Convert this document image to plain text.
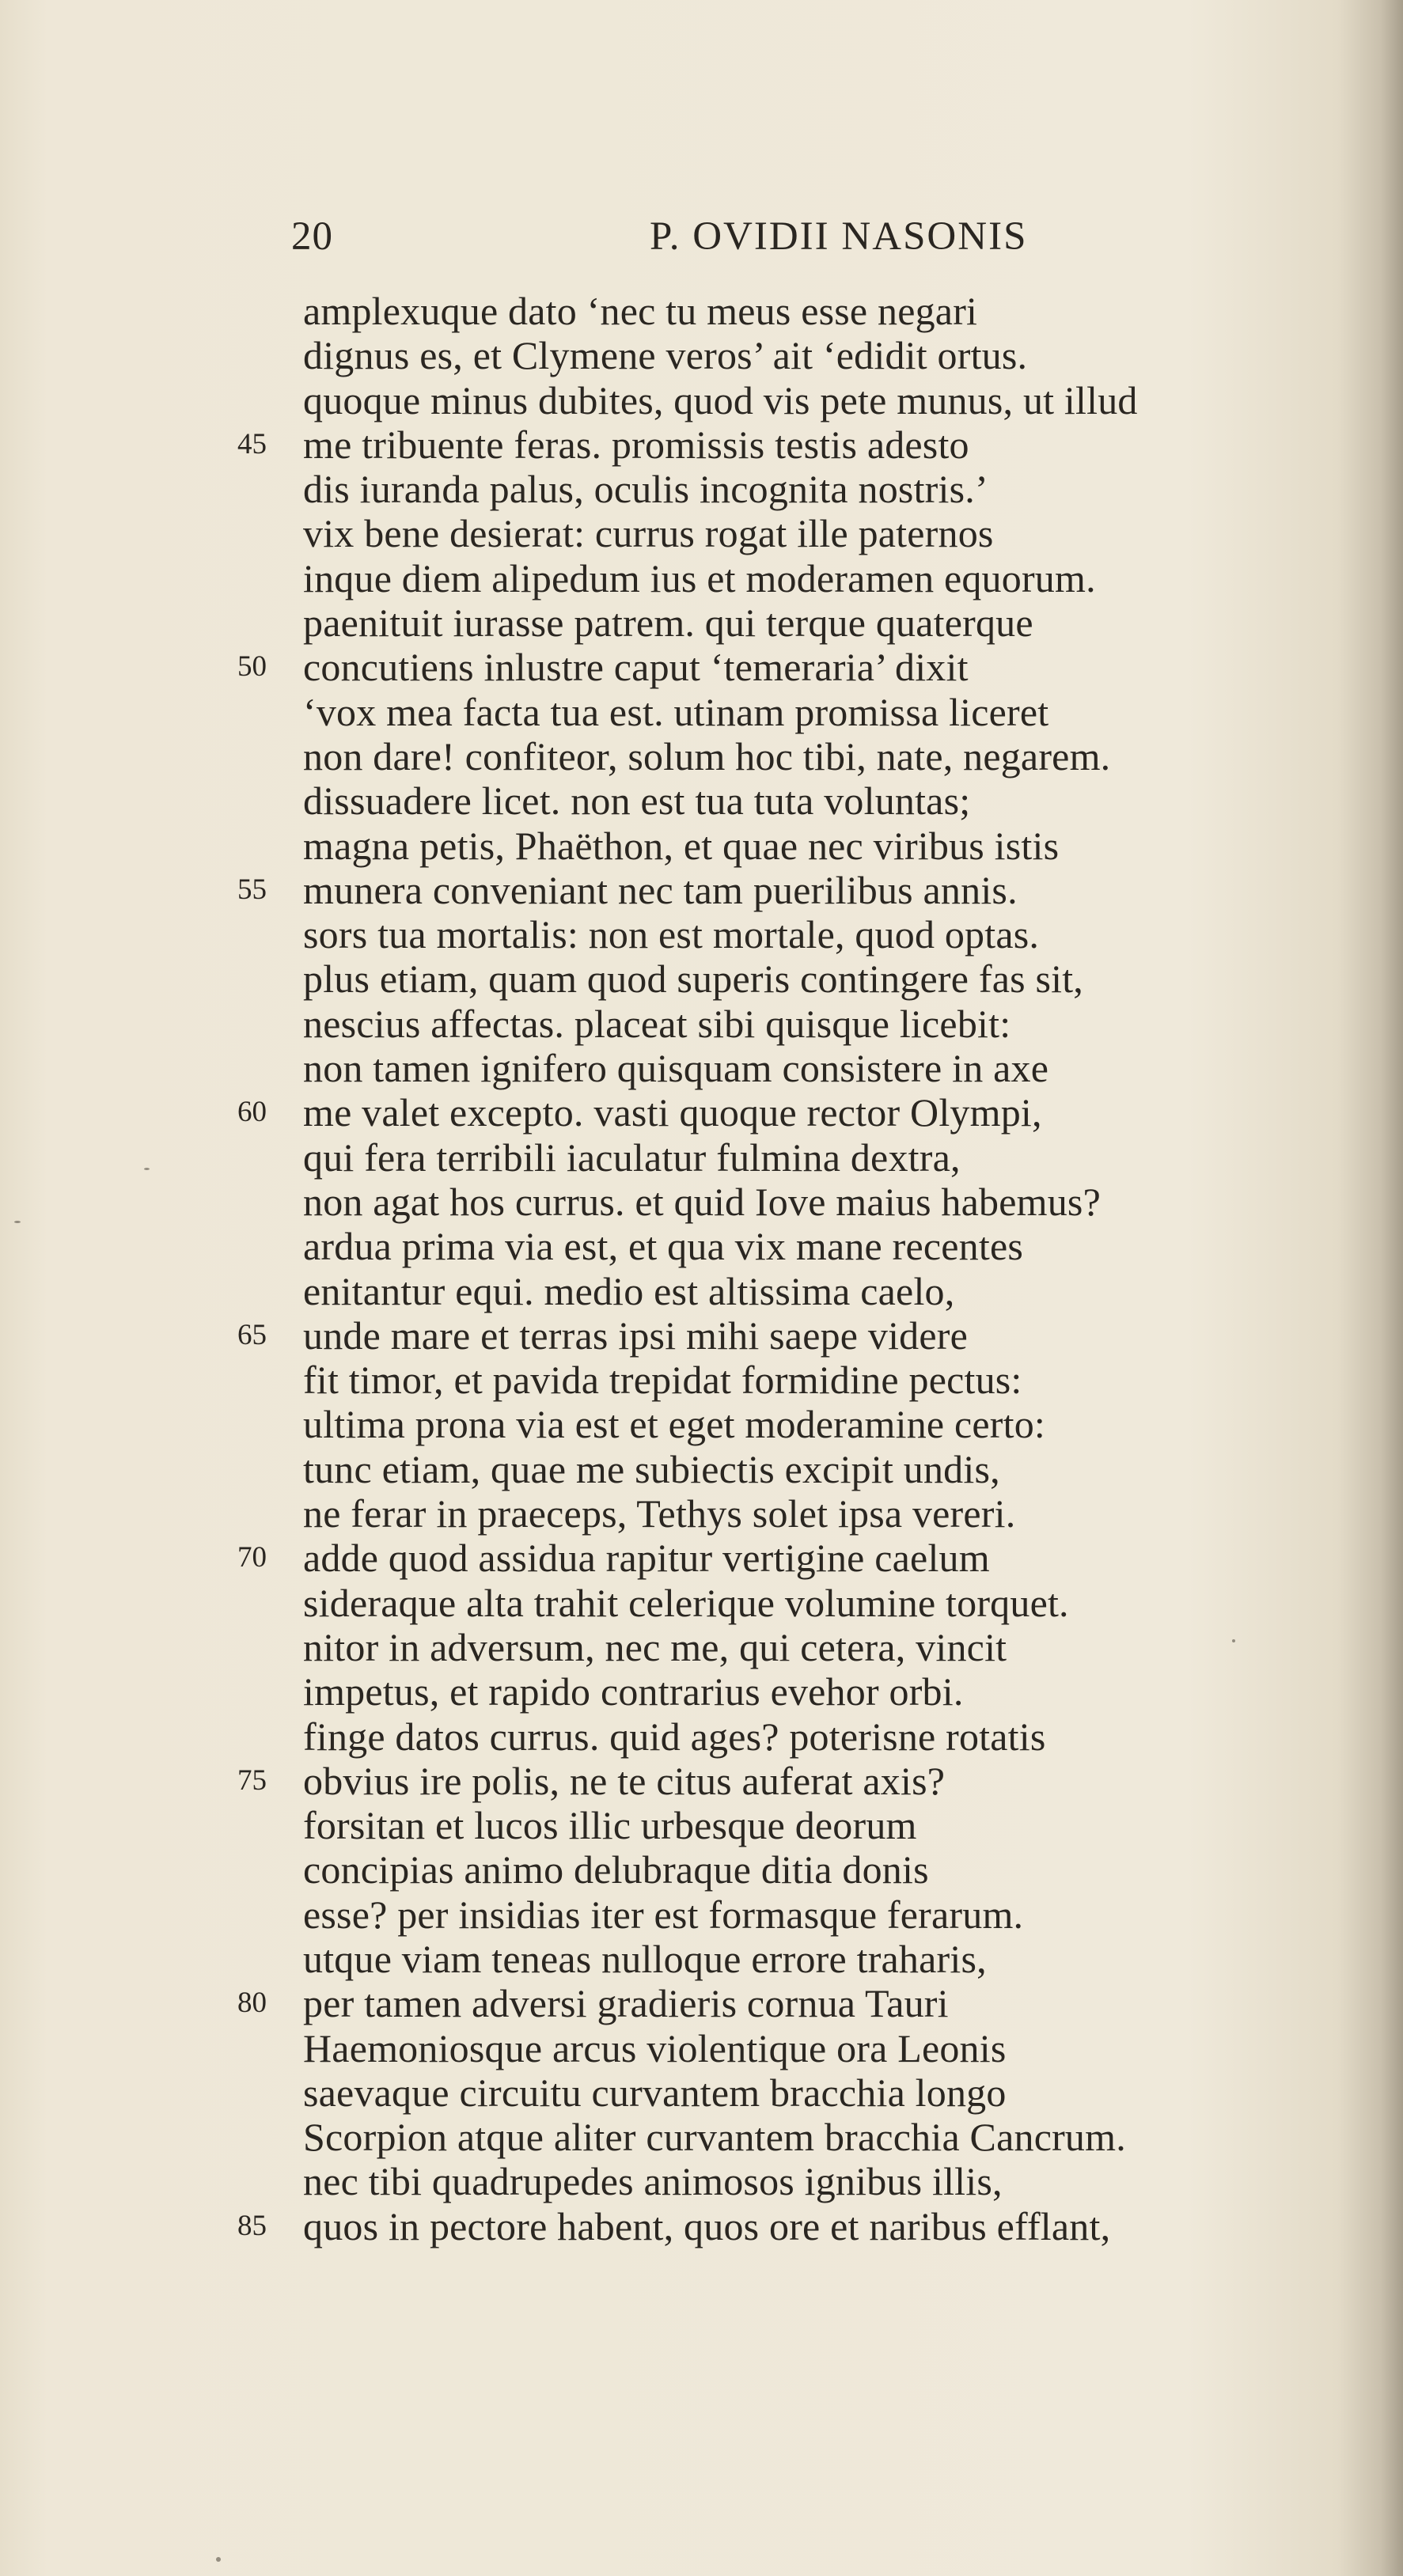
20	P. OVIDII NASONIS
amplexuque dato ‘nec tu meus esse negari
dignus es, et Clymene veros’ ait ‘edidit ortus.
quoque minus dubites, quod vis pete munus, ut illud
45 me tribuente feras. promissis testis adesto
dis iuranda palus, oculis incognita nostris.’
vix bene desierat: currus rogat ille paternos
inque diem alipedum ius et moderamen equorum.
paenituit iurasse patrem. qui terque quaterque
50 concutiens inlustre caput ‘temeraria’ dixit
‘vox mea facta tua est. utinam promissa liceret
non dare! confiteor, solum hoc tibi, nate, negarem.
dissuadere licet. non est tua tuta voluntas;
magna petis, Phaëthon, et quae nec viribus istis
55 munera conveniant nec tam puerilibus annis.
sors tua mortalis: non est mortale, quod optas.
plus etiam, quam quod superis contingere fas sit,
nescius affectas. placeat sibi quisque licebit:
non tamen ignifero quisquam consistere in axe
60 me valet excepto. vasti quoque rector Olympi,
qui fera terribili iaculatur fulmina dextra,
non agat hos currus. et quid Iove maius habemus?
ardua prima via est, et qua vix mane recentes
enitantur equi. medio est altissima caelo,
65 unde mare et terras ipsi mihi saepe videre
fit timor, et pavida trepidat formidine pectus:
ultima prona via est et eget moderamine certo:
tunc etiam, quae me subiectis excipit undis,
ne ferar in praeceps, Tethys solet ipsa vereri.
70 adde quod assidua rapitur vertigine caelum
sideraque alta trahit celerique volumine torquet.
nitor in adversum, nec me, qui cetera, vincit
impetus, et rapido contrarius evehor orbi.
finge datos currus. quid ages? poterisne rotatis
75 obvius ire polis, ne te citus auferat axis?
forsitan et lucos illic urbesque deorum
concipias animo delubraque ditia donis
esse? per insidias iter est formasque ferarum.
utque viam teneas nulloque errore traharis,
80 per tamen adversi gradieris cornua Tauri
Haemoniosque arcus violentique ora Leonis
saevaque circuitu curvantem bracchia longo
Scorpion atque aliter curvantem bracchia Cancrum.
nec tibi quadrupedes animosos ignibus illis,
85 quos in pectore habent, quos ore et naribus efflant,
